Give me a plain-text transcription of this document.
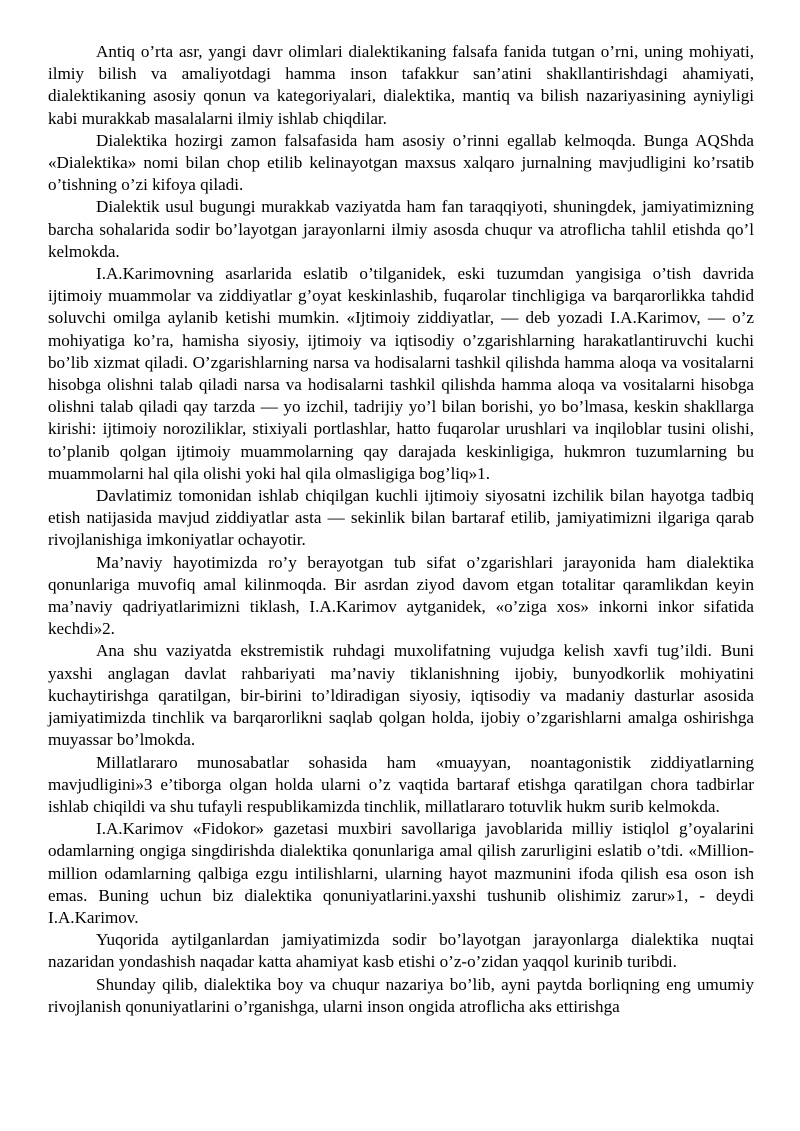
Antiq o’rta asr, yangi davr olimlari dialektikaning falsafa fanida tutgan o’rni, uning mohiyati, ilmiy bilish va amaliyotdagi hamma inson tafakkur san’atini shakllantirishdagi ahamiyati, dialektikaning asosiy qonun va kategoriyalari, dialektika, mantiq va bilish nazariyasining ayniyligi kabi murakkab masalalarni ilmiy ishlab chiqdilar.

Dialektika hozirgi zamon falsafasida ham asosiy o’rinni egallab kelmoqda. Bunga AQShda «Dialektika» nomi bilan chop etilib kelinayotgan maxsus xalqaro jurnalning mavjudligini ko’rsatib o’tishning o’zi kifoya qiladi.

Dialektik usul bugungi murakkab vaziyatda ham fan taraqqiyoti, shuningdek, jamiyatimizning barcha sohalarida sodir bo’layotgan jarayonlarni ilmiy asosda chuqur va atroflicha tahlil etishda qo’l kelmokda.

I.A.Karimovning asarlarida eslatib o’tilganidek, eski tuzumdan yangisiga o’tish davrida ijtimoiy muammolar va ziddiyatlar g’oyat keskinlashib, fuqarolar tinchligiga va barqarorlikka tahdid soluvchi omilga aylanib ketishi mumkin. «Ijtimoiy ziddiyatlar, — deb yozadi I.A.Karimov, — o’z mohiyatiga ko’ra, hamisha siyosiy, ijtimoiy va iqtisodiy o’zgarishlarning harakatlantiruvchi kuchi bo’lib xizmat qiladi. O’zgarishlarning narsa va hodisalarni tashkil qilishda hamma aloqa va vositalarni hisobga olishni talab qiladi narsa va hodisalarni tashkil qilishda hamma aloqa va vositalarni hisobga olishni talab qiladi qay tarzda — yo izchil, tadrijiy yo’l bilan borishi, yo bo’lmasa, keskin shakllarga kirishi: ijtimoiy noroziliklar, stixiyali portlashlar, hatto fuqarolar urushlari va inqiloblar tusini olishi, to’planib qolgan ijtimoiy muammolarning qay darajada keskinligiga, hukmron tuzumlarning bu muammolarni hal qila olishi yoki hal qila olmasligiga bog’liq»1.

Davlatimiz tomonidan ishlab chiqilgan kuchli ijtimoiy siyosatni izchilik bilan hayotga tadbiq etish natijasida mavjud ziddiyatlar asta — sekinlik bilan bartaraf etilib, jamiyatimizni ilgariga qarab rivojlanishiga imkoniyatlar ochayotir.

Ma’naviy hayotimizda ro’y berayotgan tub sifat o’zgarishlari jarayonida ham dialektika qonunlariga muvofiq amal kilinmoqda. Bir asrdan ziyod davom etgan totalitar qaramlikdan keyin ma’naviy qadriyatlarimizni tiklash, I.A.Karimov aytganidek, «o’ziga xos» inkorni inkor sifatida kechdi»2.

Ana shu vaziyatda ekstremistik ruhdagi muxolifatning vujudga kelish xavfi tug’ildi. Buni yaxshi anglagan davlat rahbariyati ma’naviy tiklanishning ijobiy, bunyodkorlik mohiyatini kuchaytirishga qaratilgan, bir-birini to’ldiradigan siyosiy, iqtisodiy va madaniy dasturlar asosida jamiyatimizda tinchlik va barqarorlikni saqlab qolgan holda, ijobiy o’zgarishlarni amalga oshirishga muyassar bo’lmokda.

Millatlararo munosabatlar sohasida ham «muayyan, noantagonistik ziddiyatlarning mavjudligini»3 e’tiborga olgan holda ularni o’z vaqtida bartaraf etishga qaratilgan chora tadbirlar ishlab chiqildi va shu tufayli respublikamizda tinchlik, millatlararo totuvlik hukm surib kelmokda.

I.A.Karimov «Fidokor» gazetasi muxbiri savollariga javoblarida milliy istiqlol g’oyalarini odamlarning ongiga singdirishda dialektika qonunlariga amal qilish zarurligini eslatib o’tdi. «Million-million odamlarning qalbiga ezgu intilishlarni, ularning hayot mazmunini ifoda qilish esa oson ish emas. Buning uchun biz dialektika qonuniyatlarini.yaxshi tushunib olishimiz zarur»1, - deydi I.A.Karimov.

Yuqorida aytilganlardan jamiyatimizda sodir bo’layotgan jarayonlarga dialektika nuqtai nazaridan yondashish naqadar katta ahamiyat kasb etishi o’z-o’zidan yaqqol kurinib turibdi.

Shunday qilib, dialektika boy va chuqur nazariya bo’lib, ayni paytda borliqning eng umumiy rivojlanish qonuniyatlarini o’rganishga, ularni inson ongida atroflicha aks ettirishga
